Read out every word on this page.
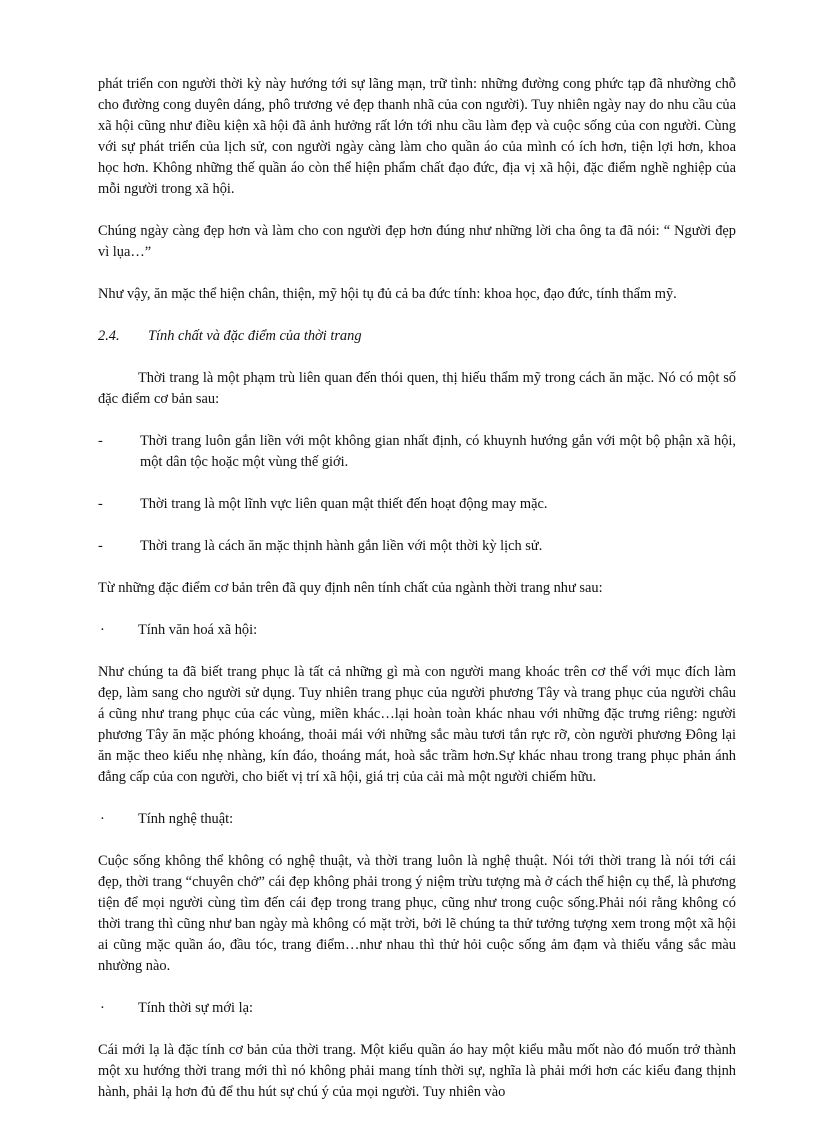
phát triển con người thời kỳ này hướng tới sự lãng mạn, trữ tình: những đường cong phức tạp đã nhường chỗ cho đường cong duyên dáng, phô trương vẻ đẹp thanh nhã của con người). Tuy nhiên ngày nay do nhu cầu của xã hội cũng như điều kiện xã hội đã ảnh hưởng rất lớn tới nhu cầu làm đẹp và cuộc sống của con người. Cùng với sự phát triển của lịch sử, con người ngày càng làm cho quần áo của mình có ích hơn, tiện lợi hơn, khoa học hơn. Không những thế quần áo còn thể hiện phẩm chất đạo đức, địa vị xã hội, đặc điểm nghề nghiệp của mỗi người trong xã hội.

Chúng ngày càng đẹp hơn và làm cho con người đẹp hơn đúng như những lời cha ông ta đã nói: “ Người đẹp vì lụa…”

Như vậy, ăn mặc thể hiện chân, thiện, mỹ hội tụ đủ cả ba đức tính: khoa học, đạo đức, tính thẩm mỹ.

2.4.	Tính chất và đặc điểm của thời trang

Thời trang là một phạm trù liên quan đến thói quen, thị hiếu thẩm mỹ trong cách ăn mặc. Nó có một số đặc điểm cơ bản sau:

-	Thời trang luôn gắn liền với một không gian nhất định, có khuynh hướng gắn với một bộ phận xã hội, một dân tộc hoặc một vùng thế giới.
-	Thời trang là một lĩnh vực liên quan mật thiết đến hoạt động may mặc.
-	Thời trang là cách ăn mặc thịnh hành gắn liền với một thời kỳ lịch sử.

Từ những đặc điểm cơ bản trên đã quy định nên tính chất của ngành thời trang như sau:

·	Tính văn hoá xã hội:

Như chúng ta đã biết trang phục là tất cả những gì mà con người mang khoác trên cơ thể với mục đích làm đẹp, làm sang cho người sử dụng. Tuy nhiên trang phục của người phương Tây và trang phục của người châu á cũng như trang phục của các vùng, miền khác…lại hoàn toàn khác nhau với những đặc trưng riêng: người phương Tây ăn mặc phóng khoáng, thoải mái với những sắc màu tươi tắn rực rỡ, còn người phương Đông lại ăn mặc theo kiểu nhẹ nhàng, kín đáo, thoáng mát, hoà sắc trầm hơn.Sự khác nhau trong trang phục phản ánh đẳng cấp của con người, cho biết vị trí xã hội, giá trị của cải mà một người chiếm hữu.

·	Tính nghệ thuật:

Cuộc sống không thể không có nghệ thuật, và thời trang luôn là nghệ thuật. Nói tới thời trang là nói tới cái đẹp, thời trang “chuyên chở” cái đẹp không phải trong ý niệm trừu tượng mà ở cách thể hiện cụ thể, là phương tiện để mọi người cùng tìm đến cái đẹp trong trang phục, cũng như trong cuộc sống.Phải nói rằng không có thời trang thì cũng như ban ngày mà không có mặt trời, bởi lẽ chúng ta thử tưởng tượng xem trong một xã hội ai cũng mặc quần áo, đầu tóc, trang điểm…như nhau thì thử hỏi cuộc sống ảm đạm và thiếu vắng sắc màu nhường nào.

·	Tính thời sự mới lạ:

Cái mới lạ là đặc tính cơ bản của thời trang. Một kiểu quần áo hay một kiểu mẫu mốt nào đó muốn trở thành một xu hướng thời trang mới thì nó không phải mang tính thời sự, nghĩa là phải mới hơn các kiểu đang thịnh hành, phải lạ hơn đủ để thu hút sự chú ý của mọi người. Tuy nhiên vào
